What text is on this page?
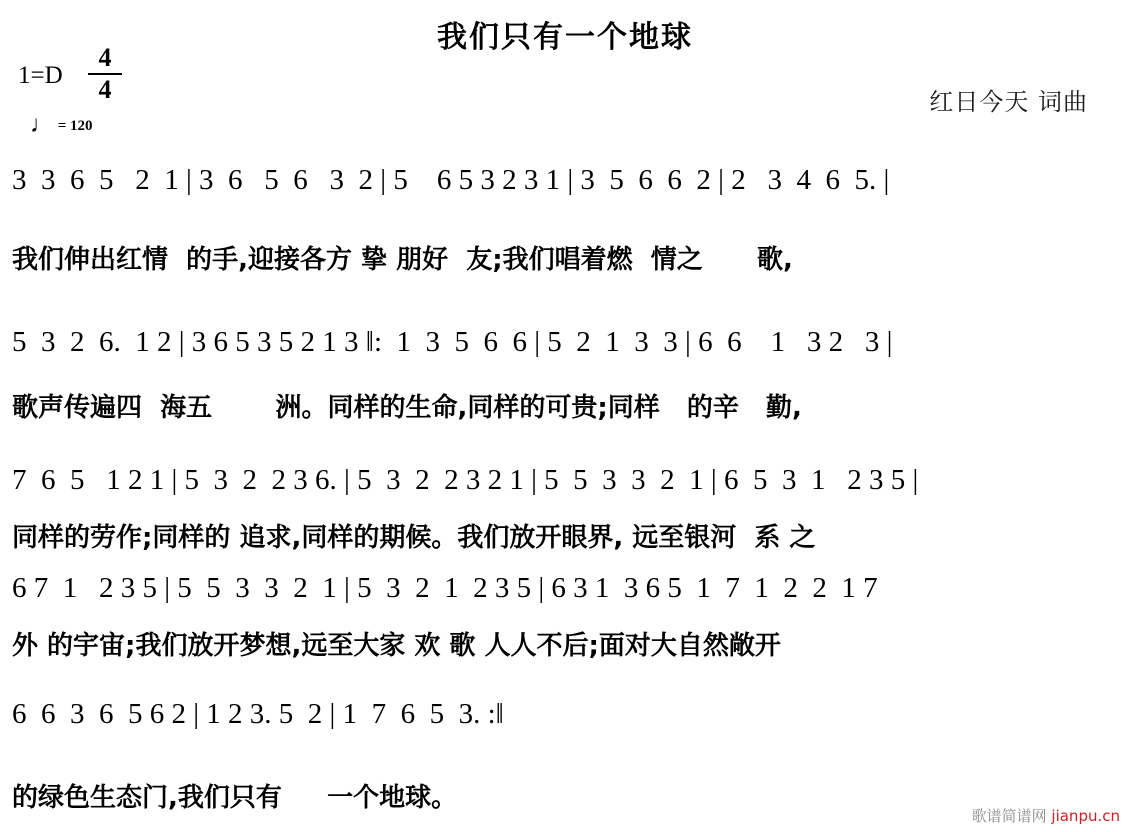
我们只有一个地球
$1=D \frac{4}{4}$
♩ = 120
红日今天 词曲
3  3  6  5   2  1 | 3  6   5  6   3  2 | 5    6 5 3 2 3 1 | 3  5  6  6  2 | 2   3  4  6  5. |
我们伸出红情  的手,迎接各方 挚 朋好  友;我们唱着燃  情之      歌,
5  3  2  6.  1 2 | 3 6 5 3 5 2 1 3 ‖:  1  3  5  6  6 | 5  2  1  3  3 | 6  6    1   3 2   3 |
歌声传遍四  海五       洲。同样的生命,同样的可贵;同样   的辛   勤,
7  6  5   1 2 1 | 5  3  2  2 3 6. | 5  3  2  2 3 2 1 | 5  5  3  3  2  1 | 6  5  3  1   2 3 5 |
同样的劳作;同样的 追求,同样的期候。我们放开眼界, 远至银河  系 之
6 7  1   2 3 5 | 5  5  3  3  2  1 | 5  3  2  1  2 3 5 | 6 3 1  3 6 5  1  7  1  2  2  1 7
外 的宇宙;我们放开梦想,远至大家 欢 歌 人人不后;面对大自然敞开
6  6  3  6  5 6 2 | 1 2 3. 5  2 | 1  7  6  5  3. :‖
的绿色生态门,我们只有     一个地球。
歌谱简谱网 jianpu.cn
